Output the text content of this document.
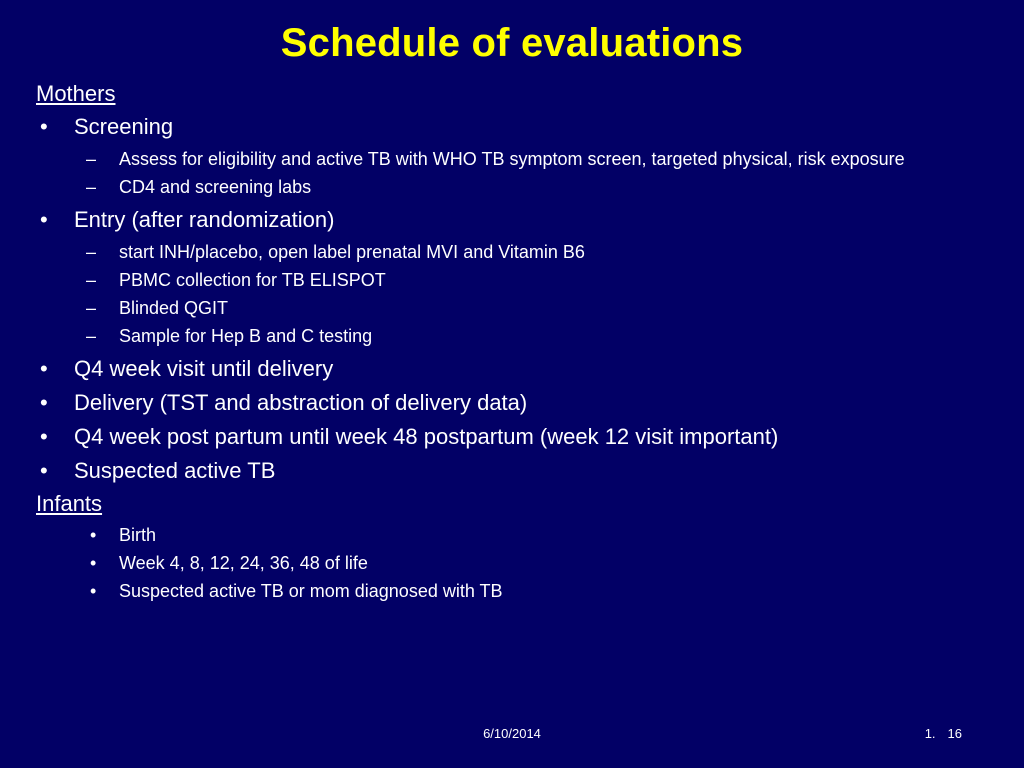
Schedule of evaluations
Mothers
• Screening
– Assess for eligibility and active TB with WHO TB symptom screen, targeted physical, risk exposure
– CD4 and screening labs
• Entry (after randomization)
– start INH/placebo, open label prenatal MVI and Vitamin B6
– PBMC collection for TB ELISPOT
– Blinded QGIT
– Sample for Hep B and C testing
• Q4 week visit until delivery
• Delivery (TST and abstraction of delivery data)
• Q4 week post partum until week 48 postpartum (week 12 visit important)
• Suspected active TB
Infants
• Birth
• Week 4, 8, 12, 24, 36, 48 of life
• Suspected active TB or mom diagnosed with TB
6/10/2014	1. 16
